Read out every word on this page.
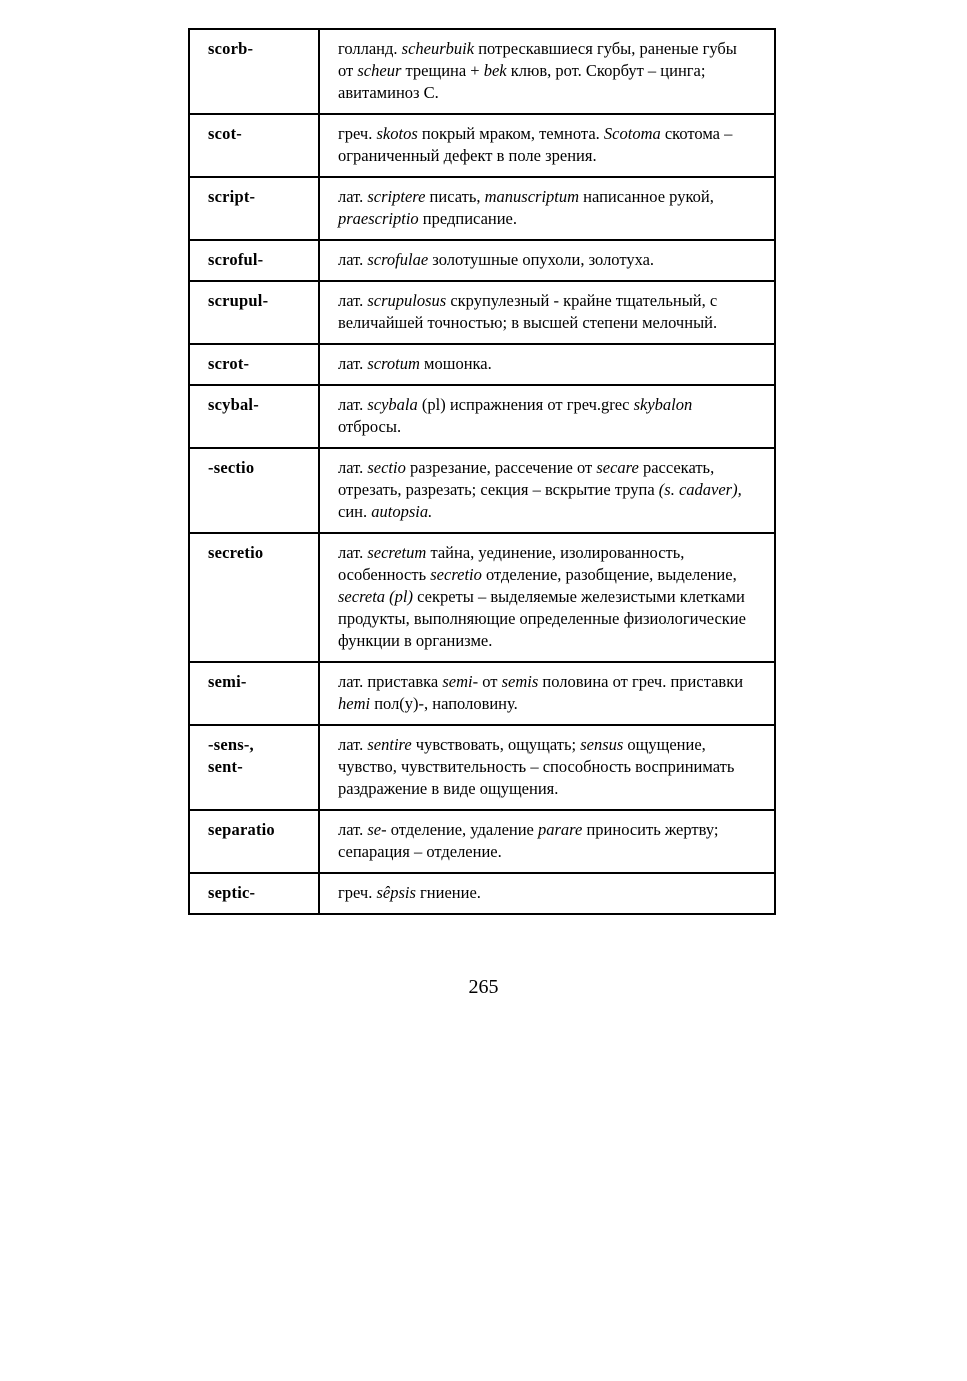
scorb-	голланд. scheurbuik потрескавшиеся губы, раненые губы от scheur трещина + bek клюв, рот. Скорбут – цинга; авитаминоз С.

scot-	греч. skotos покрый мраком, темнота. Scotoma скотома – ограниченный дефект в поле зрения.

script-	лат. scriptere писать, manuscriptum написанное рукой, praescriptio предписание.

scroful-	лат. scrofulae золотушные опухоли, золотуха.

scrupul-	лат. scrupulosus скрупулезный - крайне тщательный, с величайшей точностью; в высшей степени мелочный.

scrot-	лат. scrotum мошонка.

scybal-	лат. scybala (pl) испражнения от греч.grec skybalon отбросы.

-sectio	лат. sectio разрезание, рассечение от secare рассекать, отрезать, разрезать; секция – вскрытие трупа (s. cadaver), син. autopsia.

secretio	лат. secretum тайна, уединение, изолированность, особенность secretio отделение, разобщение, выделение, secreta (pl) секреты – выделяемые железистыми клетками продукты, выполняющие определенные физиологические функции в организме.

semi-	лат. приставка semi- от semis половина от греч. приставки hemi пол(у)-, наполовину.

-sens-,
sent-	лат. sentire чувствовать, ощущать; sensus ощущение, чувство, чувствительность – способность воспринимать раздражение в виде ощущения.

separatio	лат. se- отделение, удаление parare приносить жертву; сепарация – отделение.

septic-	греч. sêpsis гниение.
265
